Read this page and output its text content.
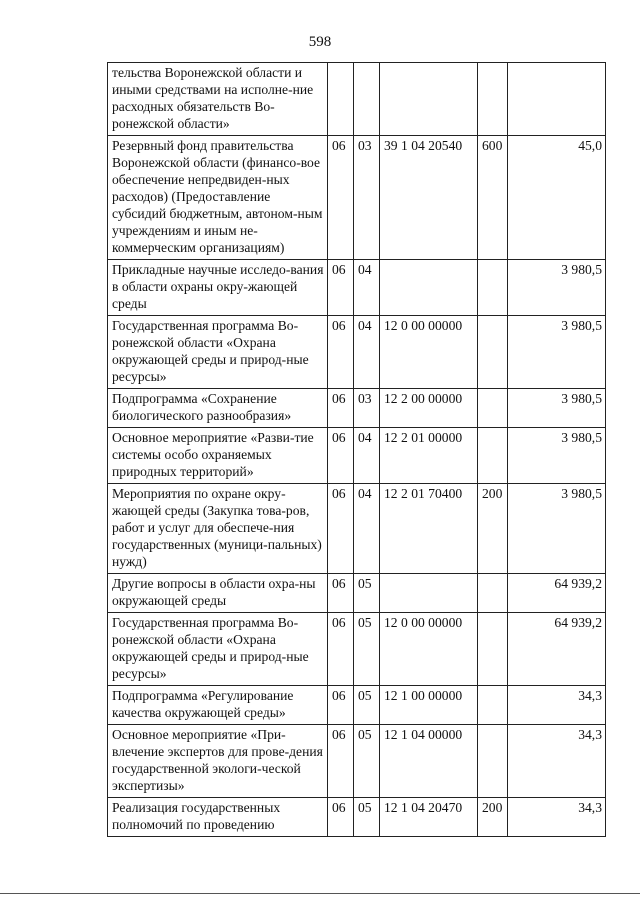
598
тельства Воронежской области и иными средствами на исполне-ние расходных обязательств Во-ронежской области»					
Резервный фонд правительства Воронежской области (финансо-вое обеспечение непредвиден-ных расходов) (Предоставление субсидий бюджетным, автоном-ным учреждениям и иным не-коммерческим организациям)	06	03	39 1 04 20540	600	45,0
Прикладные научные исследо-вания в области охраны окру-жающей среды	06	04			3 980,5
Государственная программа Во-ронежской области «Охрана окружающей среды и природ-ные ресурсы»	06	04	12 0 00 00000		3 980,5
Подпрограмма «Сохранение биологического разнообразия»	06	03	12 2 00 00000		3 980,5
Основное мероприятие «Разви-тие системы особо охраняемых природных территорий»	06	04	12 2 01 00000		3 980,5
Мероприятия по охране окру-жающей среды (Закупка това-ров, работ и услуг для обеспече-ния государственных (муници-пальных) нужд)	06	04	12 2 01 70400	200	3 980,5
Другие вопросы в области охра-ны окружающей среды	06	05			64 939,2
Государственная программа Во-ронежской области «Охрана окружающей среды и природ-ные ресурсы»	06	05	12 0 00 00000		64 939,2
Подпрограмма «Регулирование качества окружающей среды»	06	05	12 1 00 00000		34,3
Основное мероприятие «При-влечение экспертов для прове-дения государственной экологи-ческой экспертизы»	06	05	12 1 04 00000		34,3
Реализация государственных полномочий по проведению	06	05	12 1 04 20470	200	34,3
